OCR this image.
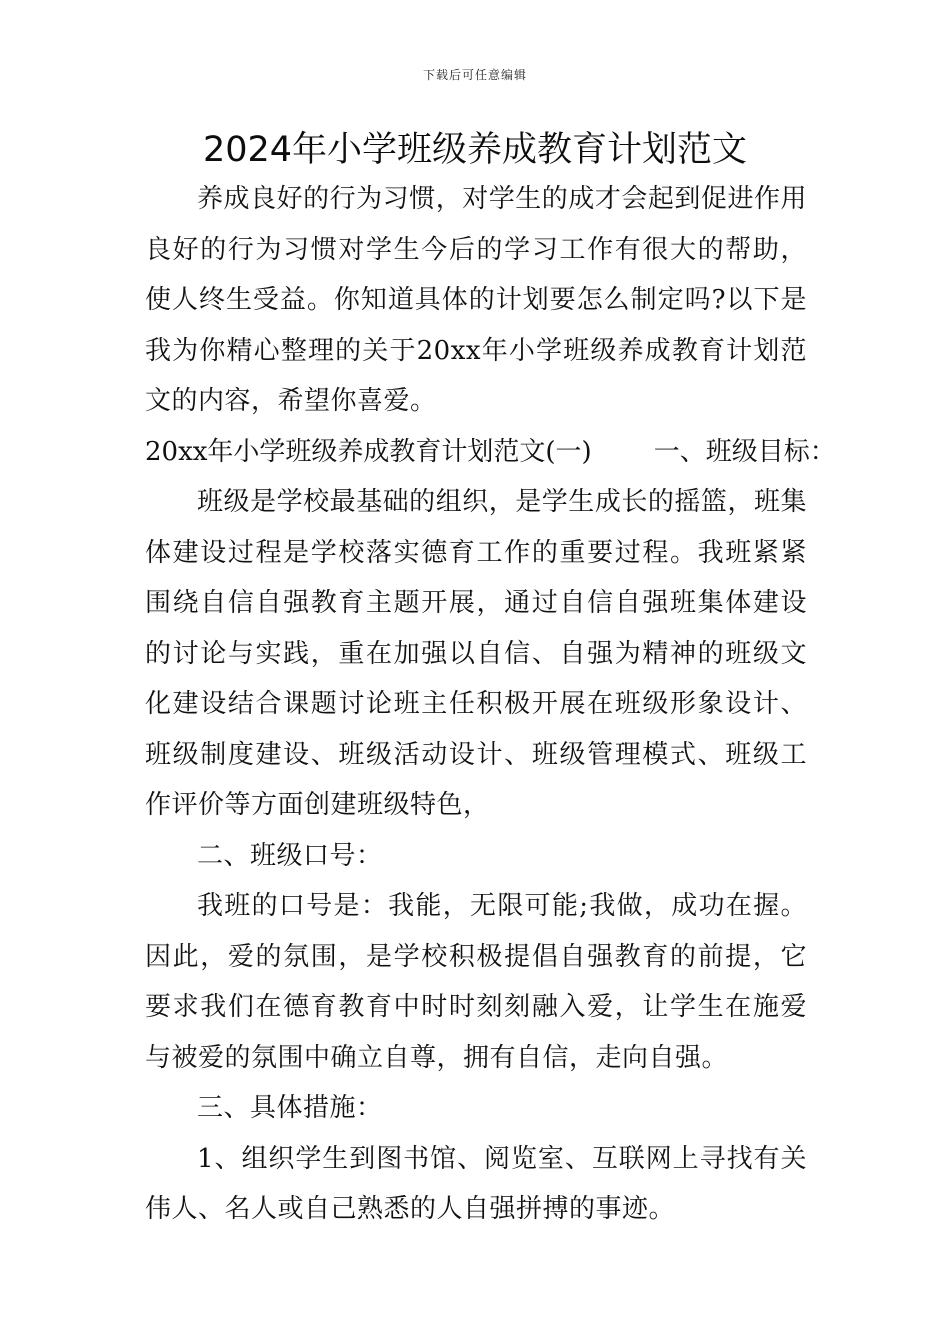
下载后可任意编辑
2024年小学班级养成教育计划范文

养成良好的行为习惯，对学生的成才会起到促进作用良好的行为习惯对学生今后的学习工作有很大的帮助，使人终生受益。你知道具体的计划要怎么制定吗?以下是我为你精心整理的关于20xx年小学班级养成教育计划范文的内容，希望你喜爱。

20xx年小学班级养成教育计划范文(一) 一、班级目标：

班级是学校最基础的组织，是学生成长的摇篮，班集体建设过程是学校落实德育工作的重要过程。我班紧紧围绕自信自强教育主题开展，通过自信自强班集体建设的讨论与实践，重在加强以自信、自强为精神的班级文化建设结合课题讨论班主任积极开展在班级形象设计、班级制度建设、班级活动设计、班级管理模式、班级工作评价等方面创建班级特色，

二、班级口号：

我班的口号是：我能，无限可能;我做，成功在握。因此，爱的氛围，是学校积极提倡自强教育的前提，它要求我们在德育教育中时时刻刻融入爱，让学生在施爱与被爱的氛围中确立自尊，拥有自信，走向自强。

三、具体措施：

1、组织学生到图书馆、阅览室、互联网上寻找有关伟人、名人或自己熟悉的人自强拼搏的事迹。
